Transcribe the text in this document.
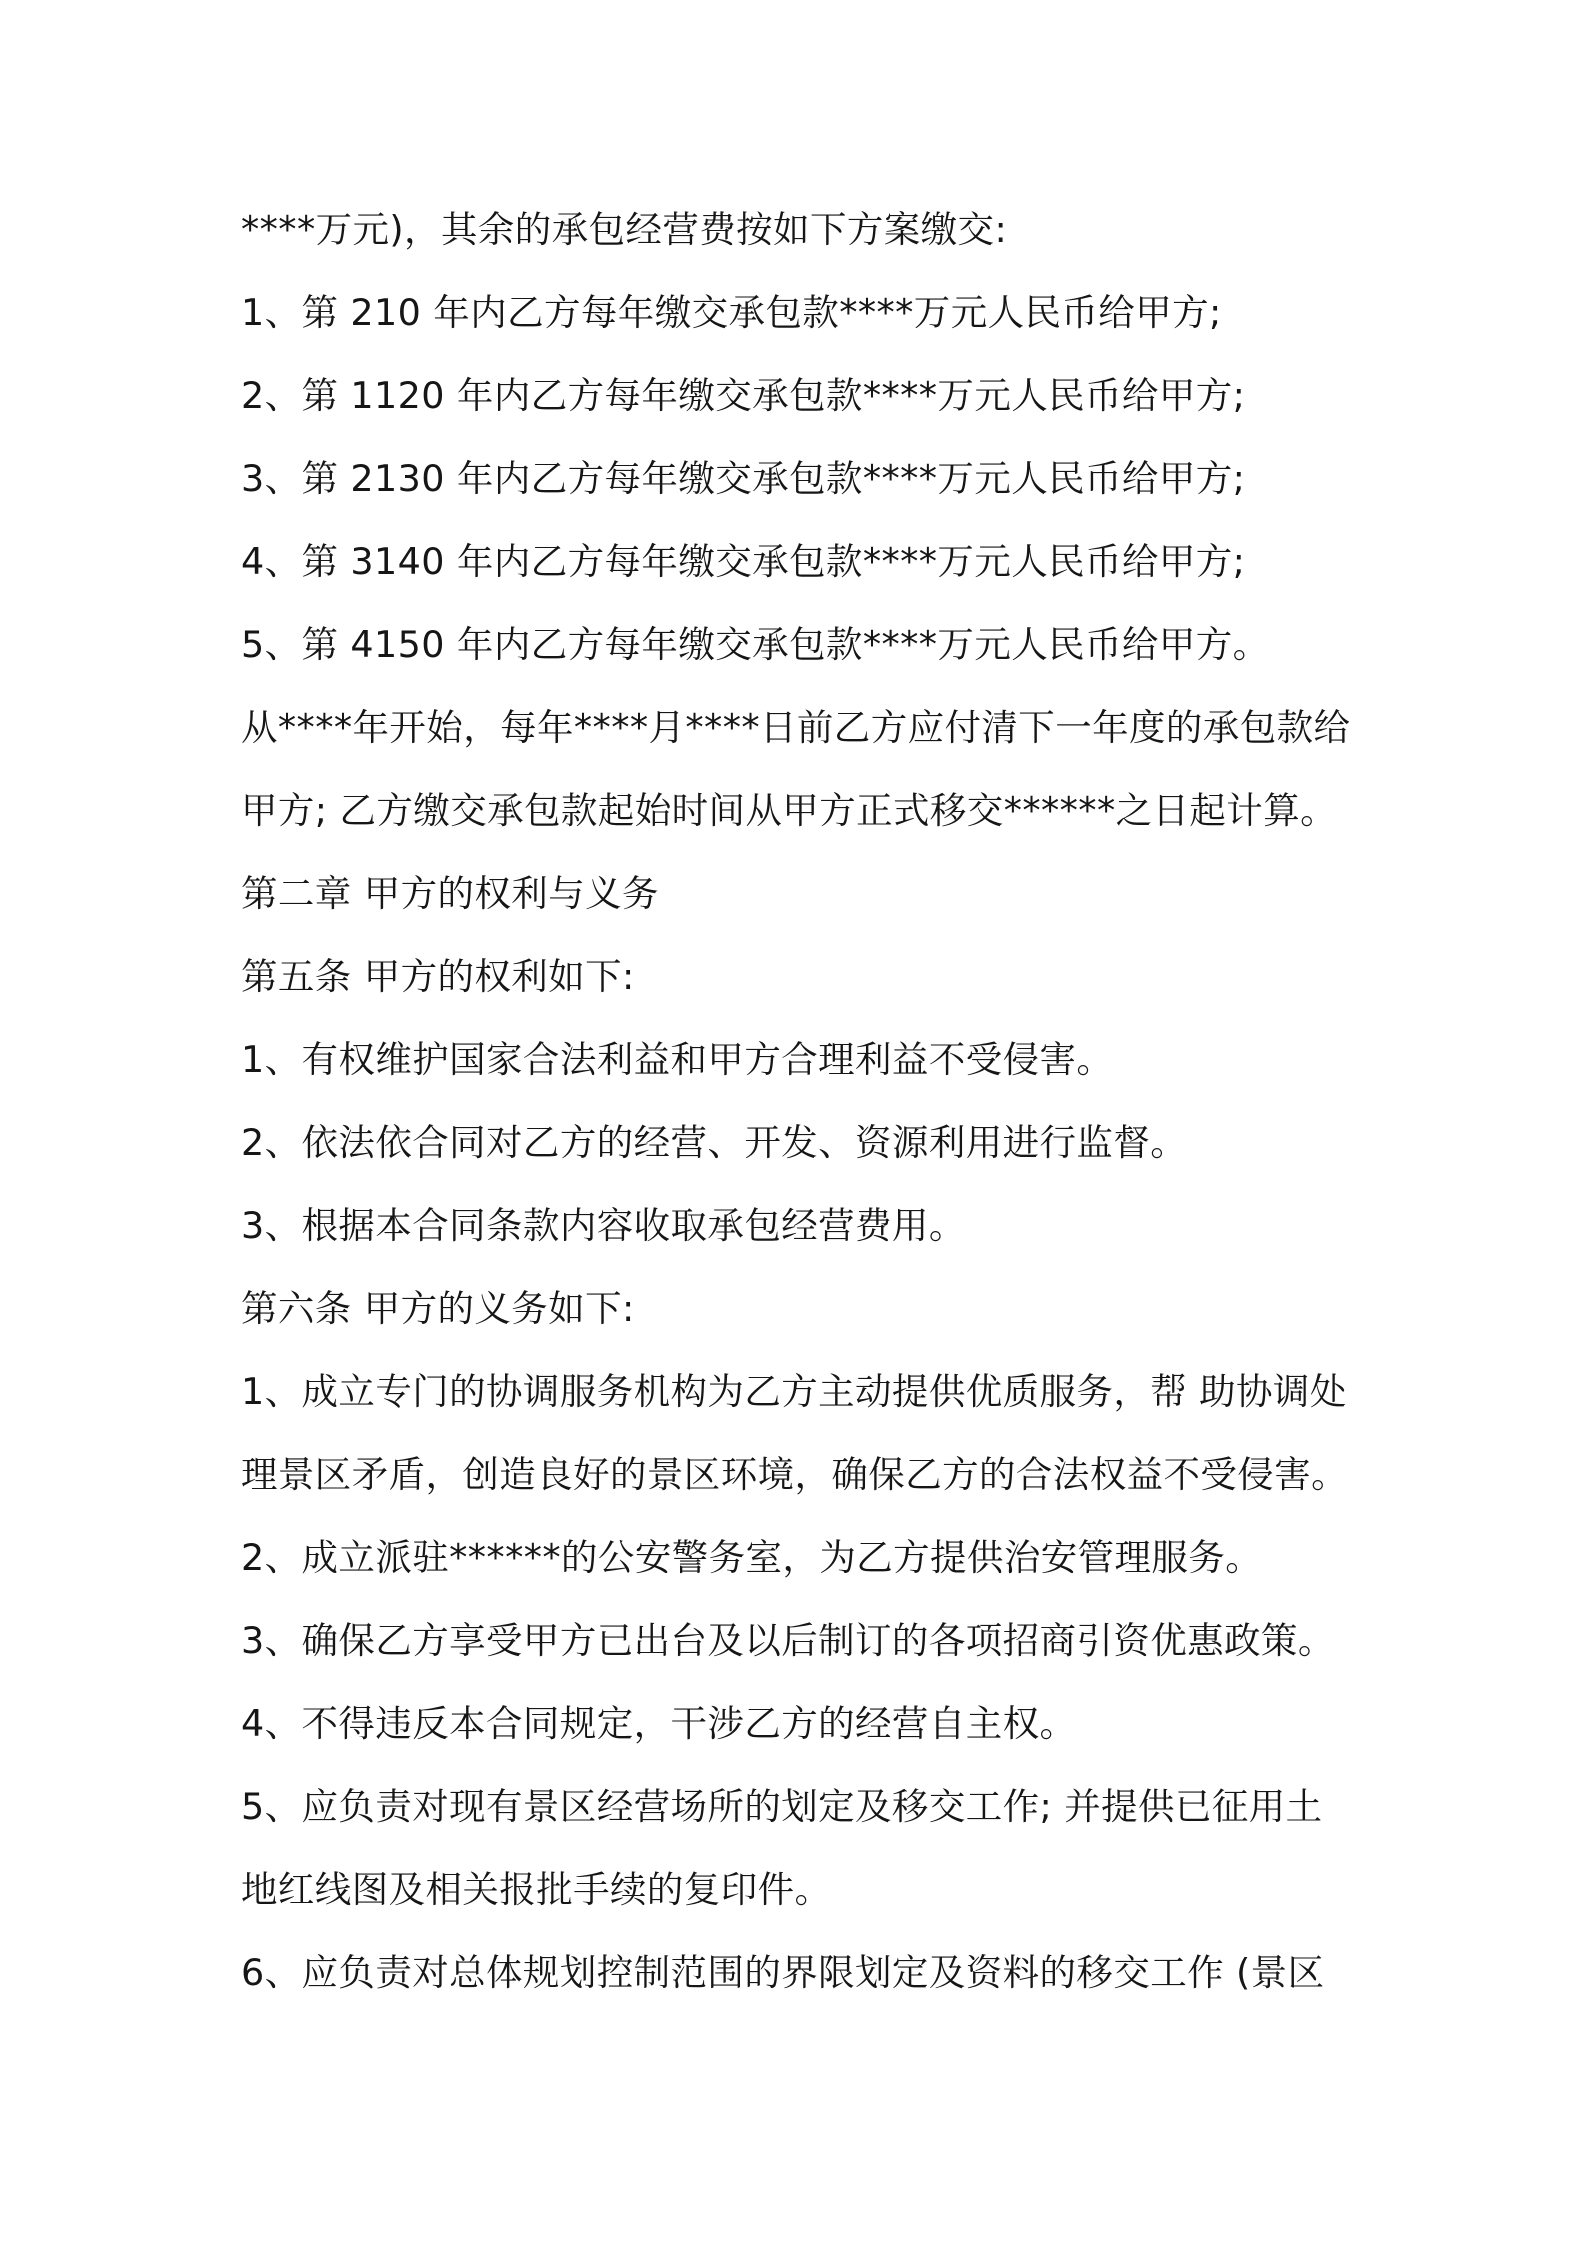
****万元)，其余的承包经营费按如下方案缴交:
1、第 210 年内乙方每年缴交承包款****万元人民币给甲方;
2、第 1120 年内乙方每年缴交承包款****万元人民币给甲方;
3、第 2130 年内乙方每年缴交承包款****万元人民币给甲方;
4、第 3140 年内乙方每年缴交承包款****万元人民币给甲方;
5、第 4150 年内乙方每年缴交承包款****万元人民币给甲方。
从****年开始，每年****月****日前乙方应付清下一年度的承包款给
甲方; 乙方缴交承包款起始时间从甲方正式移交******之日起计算。
第二章 甲方的权利与义务
第五条 甲方的权利如下:
1、有权维护国家合法利益和甲方合理利益不受侵害。
2、依法依合同对乙方的经营、开发、资源利用进行监督。
3、根据本合同条款内容收取承包经营费用。
第六条 甲方的义务如下:
1、成立专门的协调服务机构为乙方主动提供优质服务，帮 助协调处
理景区矛盾，创造良好的景区环境，确保乙方的合法权益不受侵害。
2、成立派驻******的公安警务室，为乙方提供治安管理服务。
3、确保乙方享受甲方已出台及以后制订的各项招商引资优惠政策。
4、不得违反本合同规定，干涉乙方的经营自主权。
5、应负责对现有景区经营场所的划定及移交工作; 并提供已征用土
地红线图及相关报批手续的复印件。
6、应负责对总体规划控制范围的界限划定及资料的移交工作 (景区
